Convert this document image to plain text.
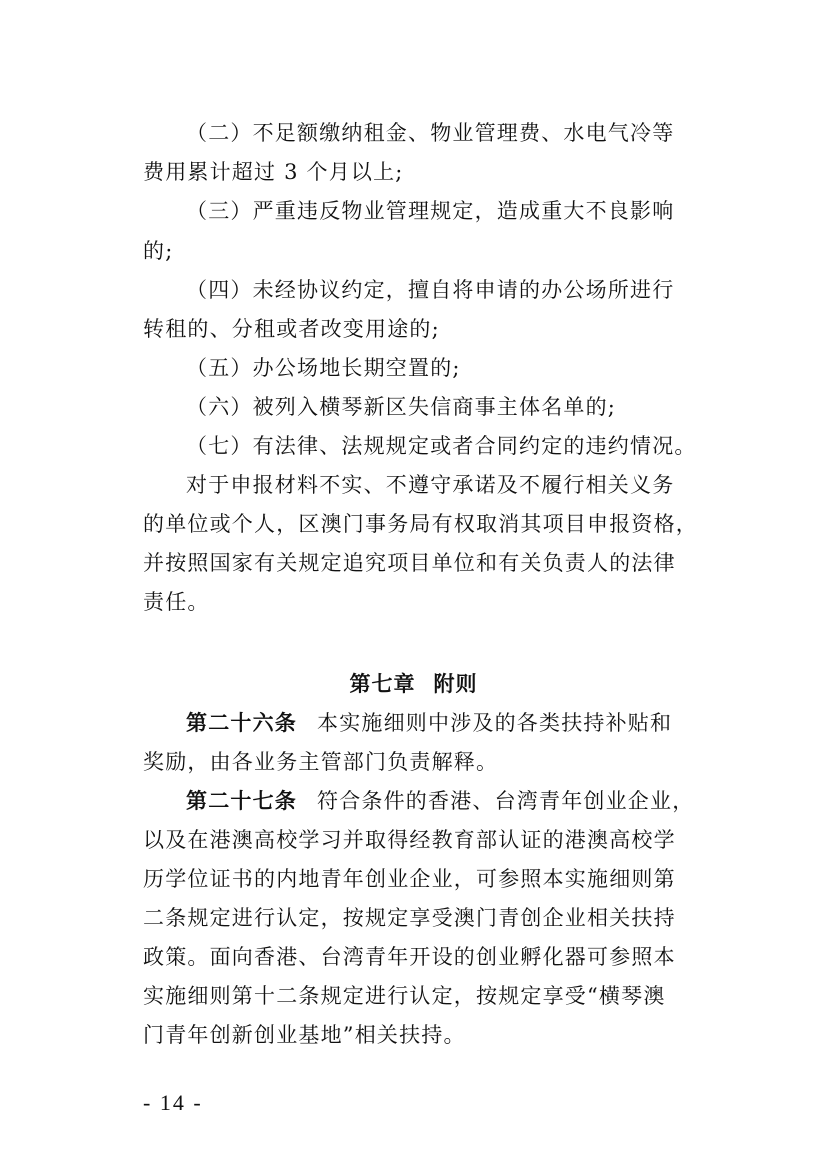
（二）不足额缴纳租金、物业管理费、水电气冷等
费用累计超过 3 个月以上;
（三）严重违反物业管理规定，造成重大不良影响
的;
（四）未经协议约定，擅自将申请的办公场所进行
转租的、分租或者改变用途的;
（五）办公场地长期空置的;
（六）被列入横琴新区失信商事主体名单的;
（七）有法律、法规规定或者合同约定的违约情况。
对于申报材料不实、不遵守承诺及不履行相关义务
的单位或个人，区澳门事务局有权取消其项目申报资格，
并按照国家有关规定追究项目单位和有关负责人的法律
责任。
第七章 附则
第二十六条 本实施细则中涉及的各类扶持补贴和
奖励，由各业务主管部门负责解释。
第二十七条 符合条件的香港、台湾青年创业企业，
以及在港澳高校学习并取得经教育部认证的港澳高校学
历学位证书的内地青年创业企业，可参照本实施细则第
二条规定进行认定，按规定享受澳门青创企业相关扶持
政策。面向香港、台湾青年开设的创业孵化器可参照本
实施细则第十二条规定进行认定，按规定享受“横琴澳
门青年创新创业基地”相关扶持。
- 14 -
